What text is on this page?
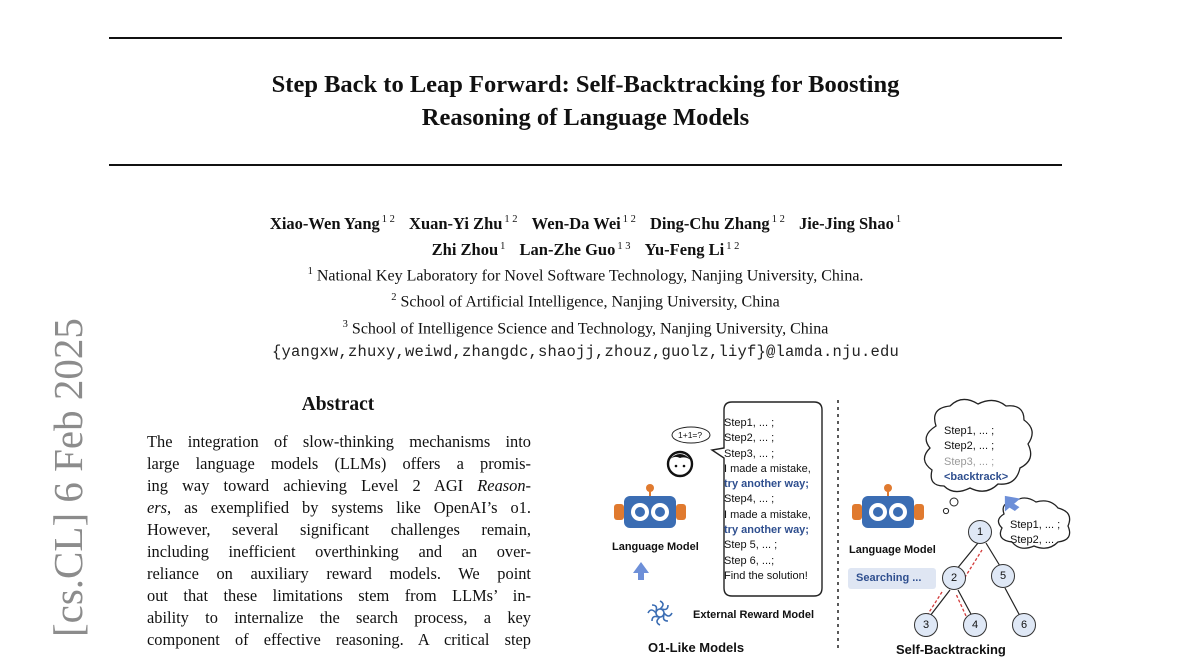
Step Back to Leap Forward: Self-Backtracking for Boosting
Reasoning of Language Models
Xiao-Wen Yang $^{1 2}$ Xuan-Yi Zhu $^{1 2}$ Wen-Da Wei $^{1 2}$ Ding-Chu Zhang $^{1 2}$ Jie-Jing Shao $^1$
Zhi Zhou $^1$ Lan-Zhe Guo $^{1 3}$ Yu-Feng Li $^{1 2}$
$^1$ National Key Laboratory for Novel Software Technology, Nanjing University, China.
$^2$ School of Artificial Intelligence, Nanjing University, China
$^3$ School of Intelligence Science and Technology, Nanjing University, China
{yangxw,zhuxy,weiwd,zhangdc,shaojj,zhouz,guolz,liyf}@lamda.nju.edu
[cs.CL] 6 Feb 2025	Abstract
The integration of slow-thinking mechanisms into
large language models (LLMs) offers a promis-
ing way toward achieving Level 2 AGI Reason-
ers, as exemplified by systems like OpenAI’s o1.
However, several significant challenges remain,
including inefficient overthinking and an over-
reliance on auxiliary reward models. We point
out that these limitations stem from LLMs’ in-
ability to internalize the search process, a key
component of effective reasoning. A critical step
Step1, ... ;
Step2, ... ;
Step3, ... ;
I made a mistake,
try another way;
Step4, ... ;
I made a mistake,
try another way;
Step 5, ... ;
Step 6, ...;
Find the solution!
1+1=?
Language Model
External Reward Model
O1-Like Models
Step1, ... ;
Step2, ... ;
Step3, ... ;
<backtrack>
Step1, ... ;
Step2, ...
Language Model
Searching ...
1
2	5
3	4	6
Self-Backtracking
